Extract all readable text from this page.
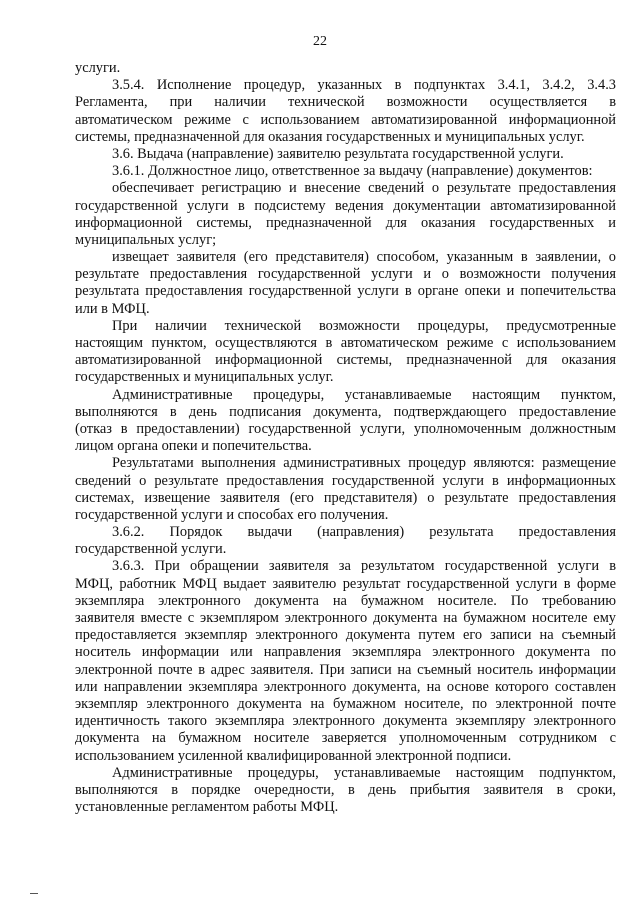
22
услуги.
3.5.4. Исполнение процедур, указанных в подпунктах 3.4.1, 3.4.2, 3.4.3
Регламента, при наличии технической возможности осуществляется в
автоматическом режиме с использованием автоматизированной информационной
системы, предназначенной для оказания государственных и муниципальных услуг.
3.6. Выдача (направление) заявителю результата государственной услуги.
3.6.1. Должностное лицо, ответственное за выдачу (направление) документов:
обеспечивает регистрацию и внесение сведений о результате предоставления
государственной услуги в подсистему ведения документации автоматизированной
информационной системы, предназначенной для оказания государственных и
муниципальных услуг;
извещает заявителя (его представителя) способом, указанным в заявлении, о
результате предоставления государственной услуги и о возможности получения
результата предоставления государственной услуги в органе опеки и попечительства
или в МФЦ.
При наличии технической возможности процедуры, предусмотренные
настоящим пунктом, осуществляются в автоматическом режиме с использованием
автоматизированной информационной системы, предназначенной для оказания
государственных и муниципальных услуг.
Административные процедуры, устанавливаемые настоящим пунктом,
выполняются в день подписания документа, подтверждающего предоставление
(отказ в предоставлении) государственной услуги, уполномоченным должностным
лицом органа опеки и попечительства.
Результатами выполнения административных процедур являются: размещение
сведений о результате предоставления государственной услуги в информационных
системах, извещение заявителя (его представителя) о результате предоставления
государственной услуги и способах его получения.
3.6.2. Порядок выдачи (направления) результата предоставления
государственной услуги.
3.6.3. При обращении заявителя за результатом государственной услуги в
МФЦ, работник МФЦ выдает заявителю результат государственной услуги в форме
экземпляра электронного документа на бумажном носителе. По требованию
заявителя вместе с экземпляром электронного документа на бумажном носителе ему
предоставляется экземпляр электронного документа путем его записи на съемный
носитель информации или направления экземпляра электронного документа по
электронной почте в адрес заявителя. При записи на съемный носитель информации
или направлении экземпляра электронного документа, на основе которого составлен
экземпляр электронного документа на бумажном носителе, по электронной почте
идентичность такого экземпляра электронного документа экземпляру электронного
документа на бумажном носителе заверяется уполномоченным сотрудником с
использованием усиленной квалифицированной электронной подписи.
Административные процедуры, устанавливаемые настоящим подпунктом,
выполняются в порядке очередности, в день прибытия заявителя в сроки,
установленные регламентом работы МФЦ.
